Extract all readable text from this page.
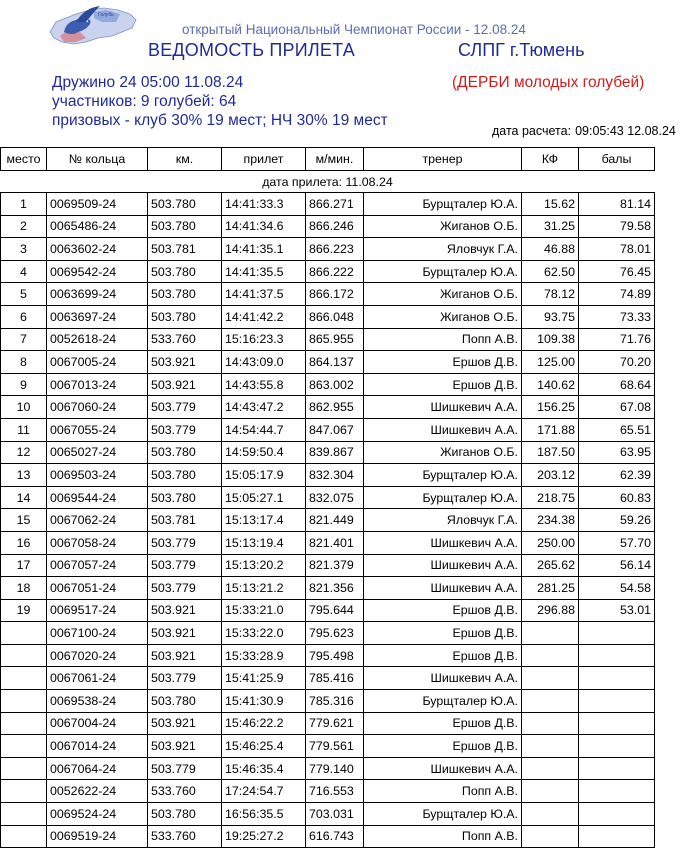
Голубь
открытый Национальный Чемпионат России - 12.08.24
ВЕДОМОСТЬ ПРИЛЕТА	СЛПГ г.Тюмень
Дружино 24 05:00 11.08.24
участников: 9 голубей: 64
призовых - клуб 30% 19 мест; НЧ 30% 19 мест
(ДЕРБИ молодых голубей)
дата расчета: 09:05:43 12.08.24
место	№ кольца	км.	прилет	м/мин.	тренер	КФ	балы
дата прилета: 11.08.24							
1	0069509-24	503.780	14:41:33.3	866.271	Бурщталер Ю.А.	15.62	81.14
2	0065486-24	503.780	14:41:34.6	866.246	Жиганов О.Б.	31.25	79.58
3	0063602-24	503.781	14:41:35.1	866.223	Яловчук Г.А.	46.88	78.01
4	0069542-24	503.780	14:41:35.5	866.222	Бурщталер Ю.А.	62.50	76.45
5	0063699-24	503.780	14:41:37.5	866.172	Жиганов О.Б.	78.12	74.89
6	0063697-24	503.780	14:41:42.2	866.048	Жиганов О.Б.	93.75	73.33
7	0052618-24	533.760	15:16:23.3	865.955	Попп А.В.	109.38	71.76
8	0067005-24	503.921	14:43:09.0	864.137	Ершов Д.В.	125.00	70.20
9	0067013-24	503.921	14:43:55.8	863.002	Ершов Д.В.	140.62	68.64
10	0067060-24	503.779	14:43:47.2	862.955	Шишкевич А.А.	156.25	67.08
11	0067055-24	503.779	14:54:44.7	847.067	Шишкевич А.А.	171.88	65.51
12	0065027-24	503.780	14:59:50.4	839.867	Жиганов О.Б.	187.50	63.95
13	0069503-24	503.780	15:05:17.9	832.304	Бурщталер Ю.А.	203.12	62.39
14	0069544-24	503.780	15:05:27.1	832.075	Бурщталер Ю.А.	218.75	60.83
15	0067062-24	503.781	15:13:17.4	821.449	Яловчук Г.А.	234.38	59.26
16	0067058-24	503.779	15:13:19.4	821.401	Шишкевич А.А.	250.00	57.70
17	0067057-24	503.779	15:13:20.2	821.379	Шишкевич А.А.	265.62	56.14
18	0067051-24	503.779	15:13:21.2	821.356	Шишкевич А.А.	281.25	54.58
19	0069517-24	503.921	15:33:21.0	795.644	Ершов Д.В.	296.88	53.01
	0067100-24	503.921	15:33:22.0	795.623	Ершов Д.В.		
	0067020-24	503.921	15:33:28.9	795.498	Ершов Д.В.		
	0067061-24	503.779	15:41:25.9	785.416	Шишкевич А.А.		
	0069538-24	503.780	15:41:30.9	785.316	Бурщталер Ю.А.		
	0067004-24	503.921	15:46:22.2	779.621	Ершов Д.В.		
	0067014-24	503.921	15:46:25.4	779.561	Ершов Д.В.		
	0067064-24	503.779	15:46:35.4	779.140	Шишкевич А.А.		
	0052622-24	533.760	17:24:54.7	716.553	Попп А.В.		
	0069524-24	503.780	16:56:35.5	703.031	Бурщталер Ю.А.		
	0069519-24	533.760	19:25:27.2	616.743	Попп А.В.		
